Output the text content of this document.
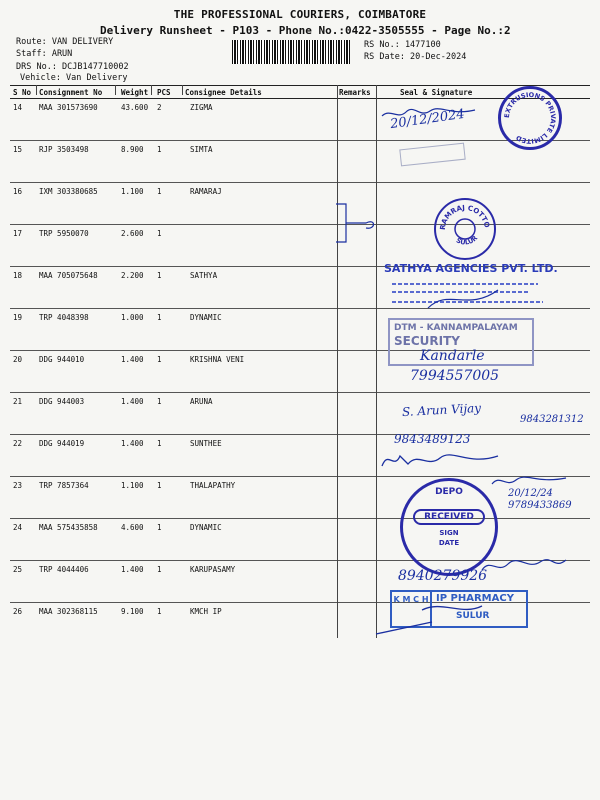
THE PROFESSIONAL COURIERS, COIMBATORE
Delivery Runsheet - P103 - Phone No.:0422-3505555 - Page No.:2
Route: VAN DELIVERY
Staff: ARUN
DRS No.: DCJB147710002
Vehicle: Van Delivery
RS No.: 1477100
RS Date: 20-Dec-2024
S No	Consignment No	Weight	PCS	Consignee Details	Remarks	Seal & Signature
14	MAA 301573690	43.600	2	ZIGMA		
15	RJP 3503498	8.900	1	SIMTA		
16	IXM 303380685	1.100	1	RAMARAJ		
17	TRP 5950070	2.600	1			
18	MAA 705075648	2.200	1	SATHYA		
19	TRP 4048398	1.000	1	DYNAMIC		
20	DDG 944010	1.400	1	KRISHNA VENI		
21	DDG 944003	1.400	1	ARUNA		
22	DDG 944019	1.400	1	SUNTHEE		
23	TRP 7857364	1.100	1	THALAPATHY		
24	MAA 575435858	4.600	1	DYNAMIC		
25	TRP 4044406	1.400	1	KARUPASAMY		
26	MAA 302368115	9.100	1	KMCH IP		
EXTRUSIONS PRIVATE LIMITED
20/12/2024

RAMRAJ COTTO
SULUR
SATHYA AGENCIES PVT. LTD.
DTM - KANNAMPALAYAM
SECURITY
Kandarle
7994557005
S. Arun Vijay
9843281312
9843489123
DEPO
RECEIVED
SIGN
DATE
20/12/24
9789433869
8940279926
K M C H IP PHARMACY
SULUR
